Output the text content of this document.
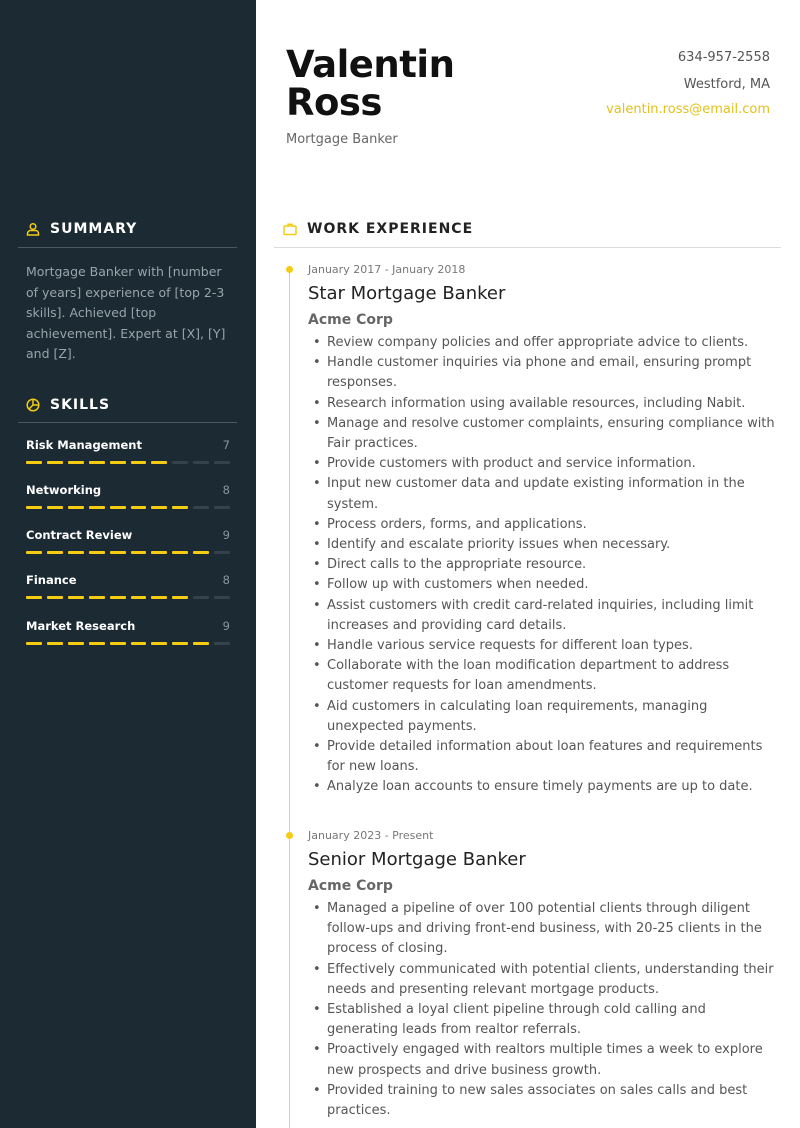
SUMMARY
Mortgage Banker with [number of years] experience of [top 2-3 skills]. Achieved [top achievement]. Expert at [X], [Y] and [Z].
SKILLS
Risk Management	7
Networking	8
Contract Review	9
Finance	8
Market Research	9
Valentin Ross
Mortgage Banker
634-957-2558
Westford, MA
valentin.ross@email.com
WORK EXPERIENCE
January 2017 - January 2018
Star Mortgage Banker
Acme Corp
• Review company policies and offer appropriate advice to clients.
• Handle customer inquiries via phone and email, ensuring prompt responses.
• Research information using available resources, including Nabit.
• Manage and resolve customer complaints, ensuring compliance with Fair practices.
• Provide customers with product and service information.
• Input new customer data and update existing information in the system.
• Process orders, forms, and applications.
• Identify and escalate priority issues when necessary.
• Direct calls to the appropriate resource.
• Follow up with customers when needed.
• Assist customers with credit card-related inquiries, including limit increases and providing card details.
• Handle various service requests for different loan types.
• Collaborate with the loan modification department to address customer requests for loan amendments.
• Aid customers in calculating loan requirements, managing unexpected payments.
• Provide detailed information about loan features and requirements for new loans.
• Analyze loan accounts to ensure timely payments are up to date.
January 2023 - Present
Senior Mortgage Banker
Acme Corp
• Managed a pipeline of over 100 potential clients through diligent follow-ups and driving front-end business, with 20-25 clients in the process of closing.
• Effectively communicated with potential clients, understanding their needs and presenting relevant mortgage products.
• Established a loyal client pipeline through cold calling and generating leads from realtor referrals.
• Proactively engaged with realtors multiple times a week to explore new prospects and drive business growth.
• Provided training to new sales associates on sales calls and best practices.
